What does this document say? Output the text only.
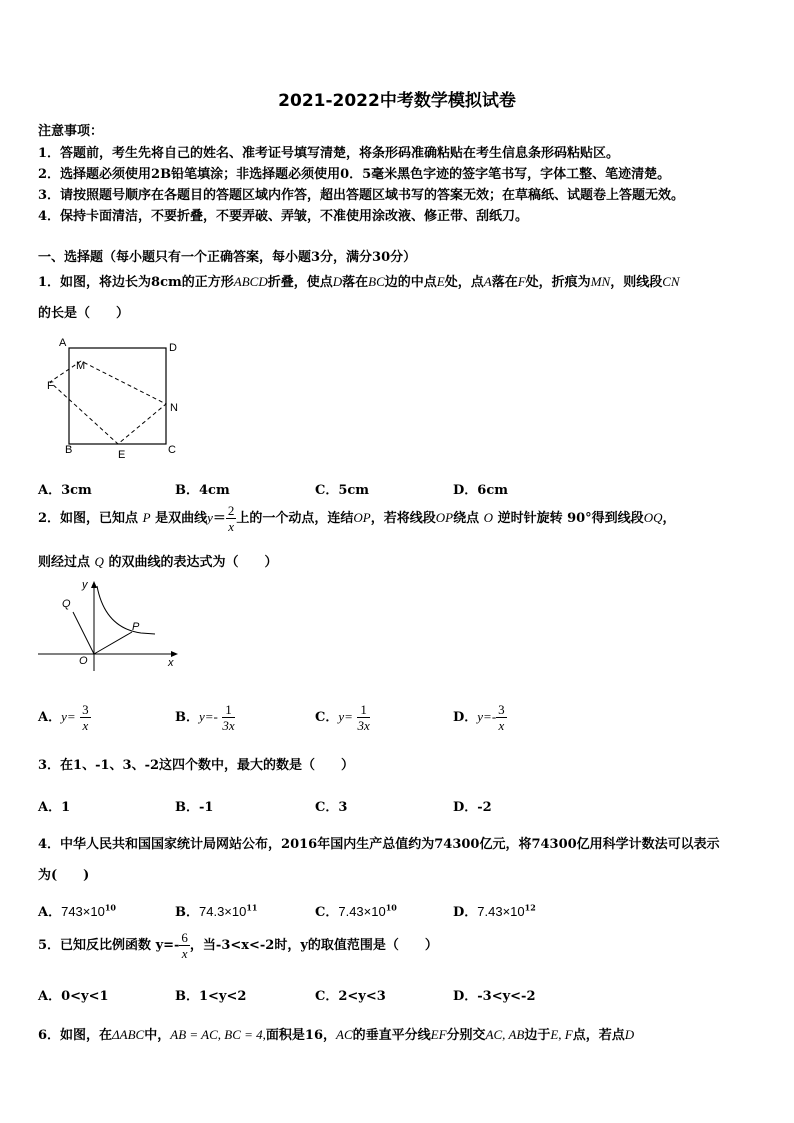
2021-2022中考数学模拟试卷
注意事项：
1．答题前，考生先将自己的姓名、准考证号填写清楚，将条形码准确粘贴在考生信息条形码粘贴区。
2．选择题必须使用2B铅笔填涂；非选择题必须使用0．5毫米黑色字迹的签字笔书写，字体工整、笔迹清楚。
3．请按照题号顺序在各题目的答题区域内作答，超出答题区域书写的答案无效；在草稿纸、试题卷上答题无效。
4．保持卡面清洁，不要折叠，不要弄破、弄皱，不准使用涂改液、修正带、刮纸刀。
一、选择题（每小题只有一个正确答案，每小题3分，满分30分）
1．如图，将边长为8cm的正方形ABCD折叠，使点D落在BC边的中点E处，点A落在F处，折痕为MN，则线段CN
的长是（　　）
A	D
M
F
N
B	E	C
A．3cm	B．4cm	C．5cm	D．6cm
2．如图，已知点 P 是双曲线$y= \frac{2}{x}$ 上的一个动点，连结OP，若将线段OP绕点 O 逆时针旋转 90°得到线段OQ，
则经过点 Q 的双曲线的表达式为（　　）
y
x
Q
P
O
A．$y= \frac{3}{x}$	B．$y=- \frac{1}{3x}$	C．$y= \frac{1}{3x}$	D．$y=- \frac{3}{x}$
3．在1、-1、3、-2这四个数中，最大的数是（　　）
A．1	B．-1	C．3	D．-2
4．中华人民共和国国家统计局网站公布，2016年国内生产总值约为74300亿元，将74300亿用科学计数法可以表示
为(　　)
A．$743\times 10^{10}$	B．$74.3\times 10^{11}$	C．$7.43\times 10^{10}$	D．$7.43\times 10^{12}$
5．已知反比例函数 $y=- \frac{6}{x}$ ，当-3<x<-2时，y的取值范围是（　　）
A．0<y<1	B．1<y<2	C．2<y<3	D．-3<y<-2
6．如图，在ΔABC中，AB = AC, BC = 4,面积是16，AC的垂直平分线EF分别交AC, AB边于E, F点，若点D
